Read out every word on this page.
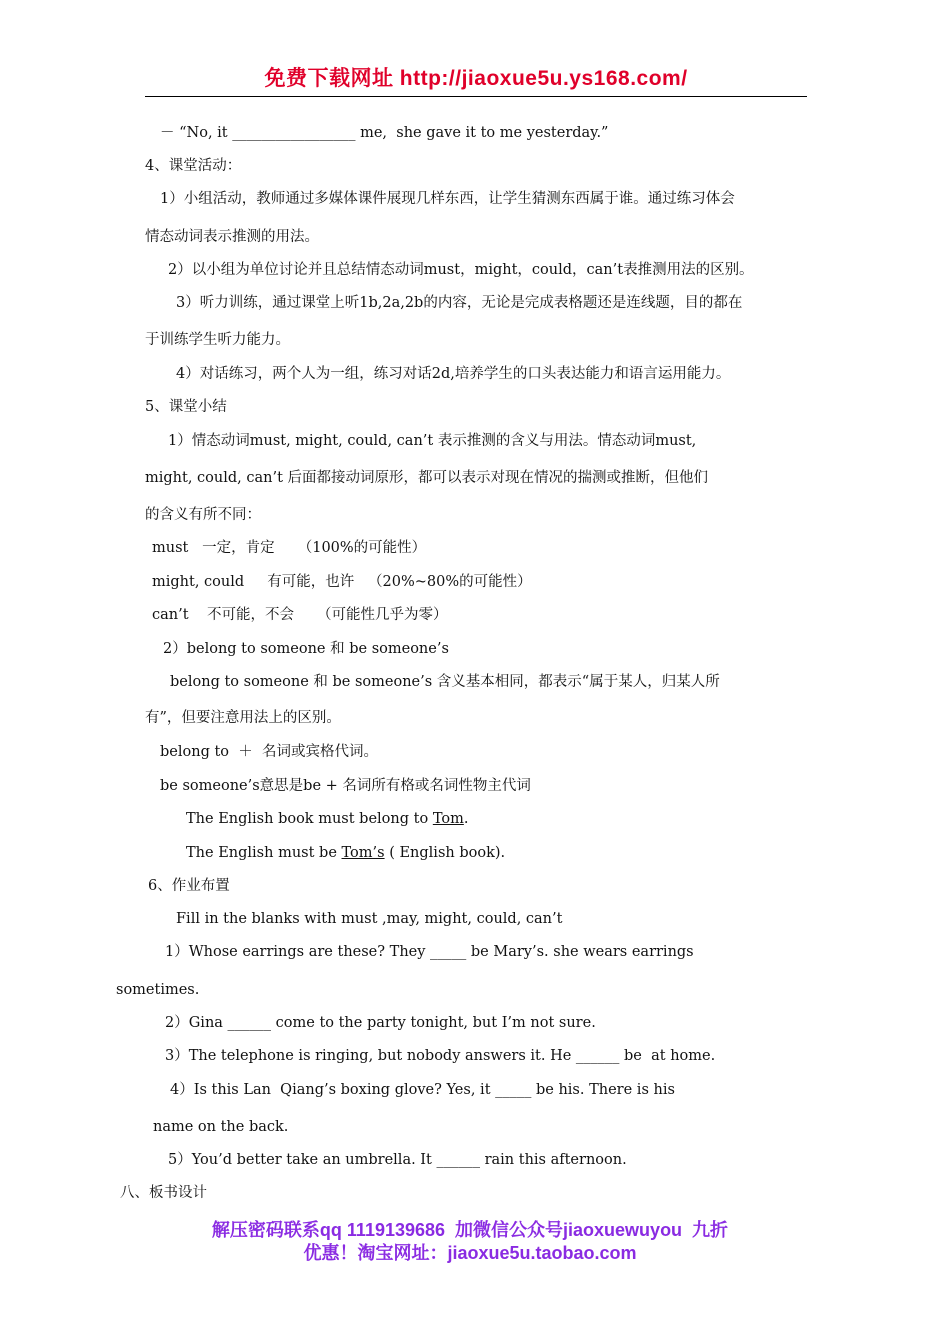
免费下载网址 http://jiaoxue5u.ys168.com/
－ “No, it _________________ me,  she gave it to me yesterday.”
4、课堂活动：
1）小组活动，教师通过多媒体课件展现几样东西，让学生猜测东西属于谁。通过练习体会
情态动词表示推测的用法。
2）以小组为单位讨论并且总结情态动词must，might，could，can’t表推测用法的区别。
3）听力训练，通过课堂上听1b,2a,2b的内容，无论是完成表格题还是连线题，目的都在
于训练学生听力能力。
4）对话练习，两个人为一组，练习对话2d,培养学生的口头表达能力和语言运用能力。
5、课堂小结
1）情态动词must, might, could, can’t 表示推测的含义与用法。情态动词must,
might, could, can’t 后面都接动词原形，都可以表示对现在情况的揣测或推断，但他们
的含义有所不同：
must   一定，肯定     （100%的可能性）
might, could     有可能，也许   （20%~80%的可能性）
can’t    不可能，不会     （可能性几乎为零）
2）belong to someone 和 be someone’s
belong to someone 和 be someone’s 含义基本相同，都表示“属于某人，归某人所
有”，但要注意用法上的区别。
belong to  ＋  名词或宾格代词。
be someone’s意思是be + 名词所有格或名词性物主代词
The English book must belong to Tom.
The English must be Tom’s ( English book).
6、作业布置
Fill in the blanks with must ,may, might, could, can’t
1）Whose earrings are these? They _____ be Mary’s. she wears earrings
sometimes.
2）Gina ______ come to the party tonight, but I’m not sure.
3）The telephone is ringing, but nobody answers it. He ______ be  at home.
4）Is this Lan  Qiang’s boxing glove? Yes, it _____ be his. There is his
name on the back.
5）You’d better take an umbrella. It ______ rain this afternoon.
八、板书设计
解压密码联系qq 1119139686  加微信公众号jiaoxuewuyou  九折
优惠！淘宝网址：jiaoxue5u.taobao.com
